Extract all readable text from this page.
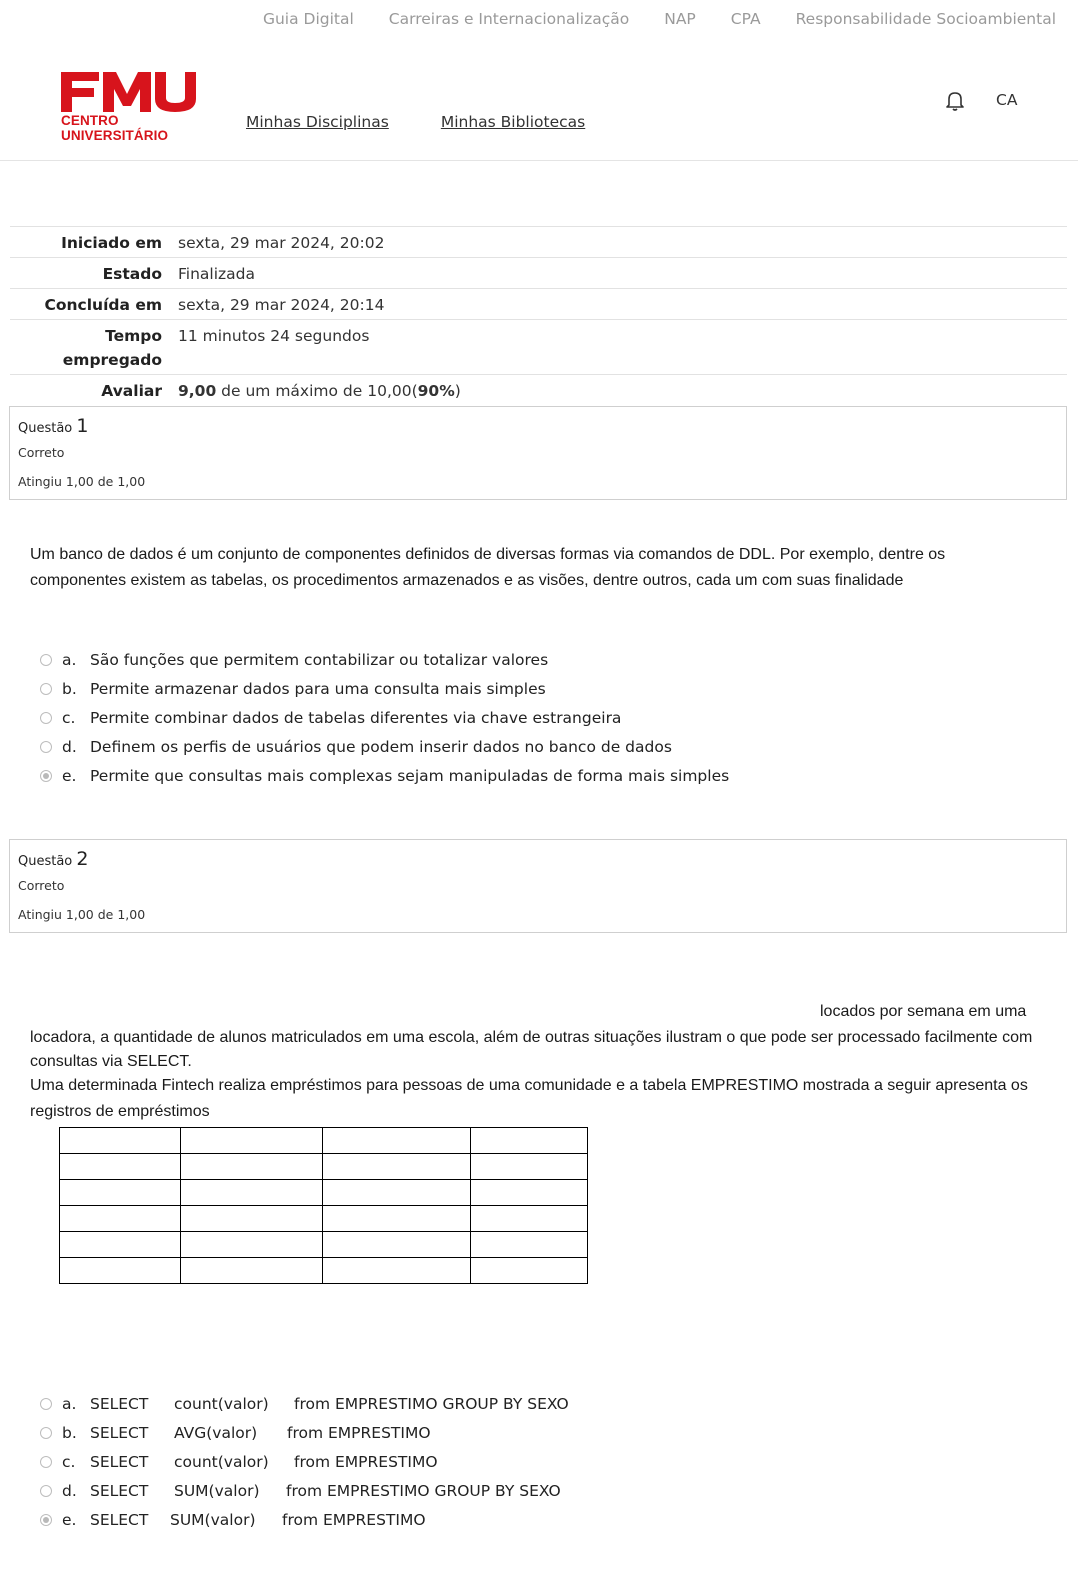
Guia Digital Carreiras e Internacionalização NAP CPA Responsabilidade Socioambiental
CENTRO UNIVERSITÁRIO
Minhas Disciplinas	Minhas Bibliotecas
CA
Iniciado em	sexta, 29 mar 2024, 20:02
Estado	Finalizada
Concluída em	sexta, 29 mar 2024, 20:14
Tempo
empregado	11 minutos 24 segundos
Avaliar	9,00 de um máximo de 10,00(90%)
Questão 1
Correto
Atingiu 1,00 de 1,00
Um banco de dados é um conjunto de componentes definidos de diversas formas via comandos de DDL. Por exemplo, dentre os
componentes existem as tabelas, os procedimentos armazenados e as visões, dentre outros, cada um com suas finalidade
a. São funções que permitem contabilizar ou totalizar valores
b. Permite armazenar dados para uma consulta mais simples
c. Permite combinar dados de tabelas diferentes via chave estrangeira
d. Definem os perfis de usuários que podem inserir dados no banco de dados
e. Permite que consultas mais complexas sejam manipuladas de forma mais simples
Questão 2
Correto
Atingiu 1,00 de 1,00
locados por semana em uma
locadora, a quantidade de alunos matriculados em uma escola, além de outras situações ilustram o que pode ser processado facilmente com
consultas via SELECT.
Uma determinada Fintech realiza empréstimos para pessoas de uma comunidade e a tabela EMPRESTIMO mostrada a seguir apresenta os
registros de empréstimos

a. SELECT	count(valor)	from EMPRESTIMO GROUP BY SEXO
b. SELECT	AVG(valor)	from EMPRESTIMO
c. SELECT	count(valor)	from EMPRESTIMO
d. SELECT	SUM(valor)	from EMPRESTIMO GROUP BY SEXO
e. SELECT	SUM(valor)	from EMPRESTIMO
